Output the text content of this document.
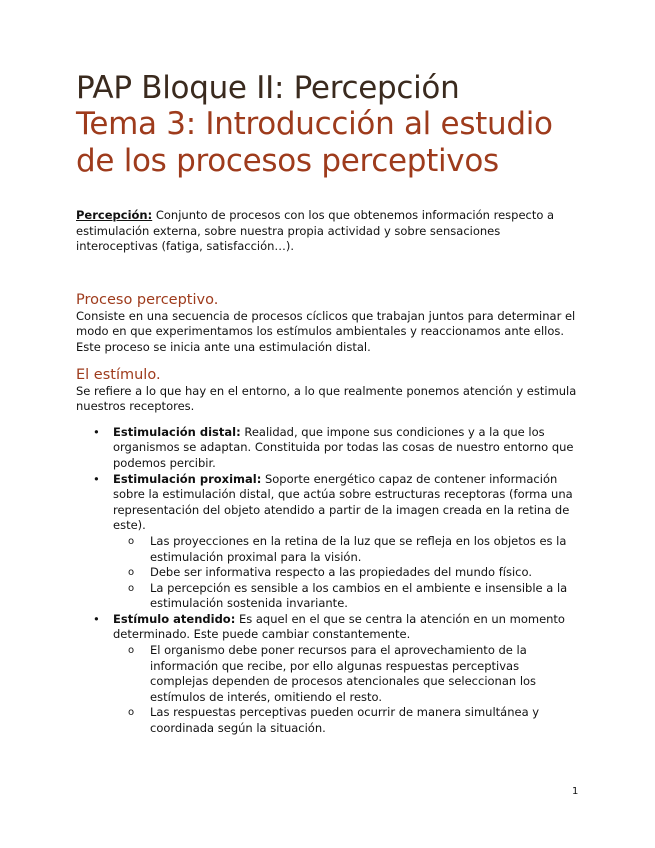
PAP Bloque II: Percepción
Tema 3: Introducción al estudio
de los procesos perceptivos

Percepción: Conjunto de procesos con los que obtenemos información respecto a estimulación externa, sobre nuestra propia actividad y sobre sensaciones interoceptivas (fatiga, satisfacción…).

Proceso perceptivo.

Consiste en una secuencia de procesos cíclicos que trabajan juntos para determinar el modo en que experimentamos los estímulos ambientales y reaccionamos ante ellos. Este proceso se inicia ante una estimulación distal.

El estímulo.

Se refiere a lo que hay en el entorno, a lo que realmente ponemos atención y estimula nuestros receptores.

• Estimulación distal: Realidad, que impone sus condiciones y a la que los organismos se adaptan. Constituida por todas las cosas de nuestro entorno que podemos percibir.
• Estimulación proximal: Soporte energético capaz de contener información sobre la estimulación distal, que actúa sobre estructuras receptoras (forma una representación del objeto atendido a partir de la imagen creada en la retina de este).
o Las proyecciones en la retina de la luz que se refleja en los objetos es la estimulación proximal para la visión.
o Debe ser informativa respecto a las propiedades del mundo físico.
o La percepción es sensible a los cambios en el ambiente e insensible a la estimulación sostenida invariante.
• Estímulo atendido: Es aquel en el que se centra la atención en un momento determinado. Este puede cambiar constantemente.
o El organismo debe poner recursos para el aprovechamiento de la información que recibe, por ello algunas respuestas perceptivas complejas dependen de procesos atencionales que seleccionan los estímulos de interés, omitiendo el resto.
o Las respuestas perceptivas pueden ocurrir de manera simultánea y coordinada según la situación.
1
